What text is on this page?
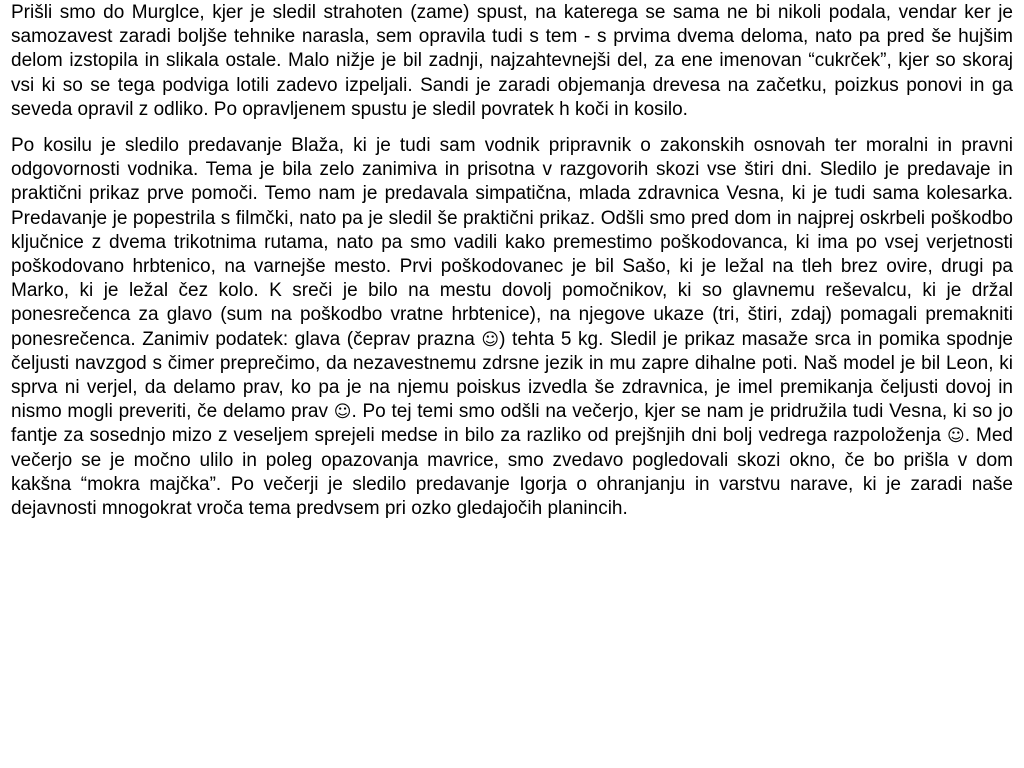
Prišli smo do Murglce, kjer je sledil strahoten (zame) spust, na katerega se sama ne bi nikoli podala, vendar ker je samozavest zaradi boljše tehnike narasla, sem opravila tudi s tem - s prvima dvema deloma, nato pa pred še hujšim delom izstopila in slikala ostale. Malo nižje je bil zadnji, najzahtevnejši del, za ene imenovan “cukrček”, kjer so skoraj vsi ki so se tega podviga lotili zadevo izpeljali. Sandi je zaradi objemanja drevesa na začetku, poizkus ponovi in ga seveda opravil z odliko. Po opravljenem spustu je sledil povratek h koči in kosilo.

Po kosilu je sledilo predavanje Blaža, ki je tudi sam vodnik pripravnik o zakonskih osnovah ter moralni in pravni odgovornosti vodnika. Tema je bila zelo zanimiva in prisotna v razgovorih skozi vse štiri dni. Sledilo je predavaje in praktični prikaz prve pomoči. Temo nam je predavala simpatična, mlada zdravnica Vesna, ki je tudi sama kolesarka. Predavanje je popestrila s filmčki, nato pa je sledil še praktični prikaz. Odšli smo pred dom in najprej oskrbeli poškodbo ključnice z dvema trikotnima rutama, nato pa smo vadili kako premestimo poškodovanca, ki ima po vsej verjetnosti poškodovano hrbtenico, na varnejše mesto. Prvi poškodovanec je bil Sašo, ki je ležal na tleh brez ovire, drugi pa Marko, ki je ležal čez kolo. K sreči je bilo na mestu dovolj pomočnikov, ki so glavnemu reševalcu, ki je držal ponesrečenca za glavo (sum na poškodbo vratne hrbtenice), na njegove ukaze (tri, štiri, zdaj) pomagali premakniti ponesrečenca. Zanimiv podatek: glava (čeprav prazna ☺) tehta 5 kg. Sledil je prikaz masaže srca in pomika spodnje čeljusti navzgod s čimer preprečimo, da nezavestnemu zdrsne jezik in mu zapre dihalne poti. Naš model je bil Leon, ki sprva ni verjel, da delamo prav, ko pa je na njemu poiskus izvedla še zdravnica, je imel premikanja čeljusti dovoj in nismo mogli preveriti, če delamo prav ☺. Po tej temi smo odšli na večerjo, kjer se nam je pridružila tudi Vesna, ki so jo fantje za sosednjo mizo z veseljem sprejeli medse in bilo za razliko od prejšnjih dni bolj vedrega razpoloženja ☺. Med večerjo se je močno ulilo in poleg opazovanja mavrice, smo zvedavo pogledovali skozi okno, če bo prišla v dom kakšna “mokra majčka”. Po večerji je sledilo predavanje Igorja o ohranjanju in varstvu narave, ki je zaradi naše dejavnosti mnogokrat vroča tema predvsem pri ozko gledajočih planincih.
